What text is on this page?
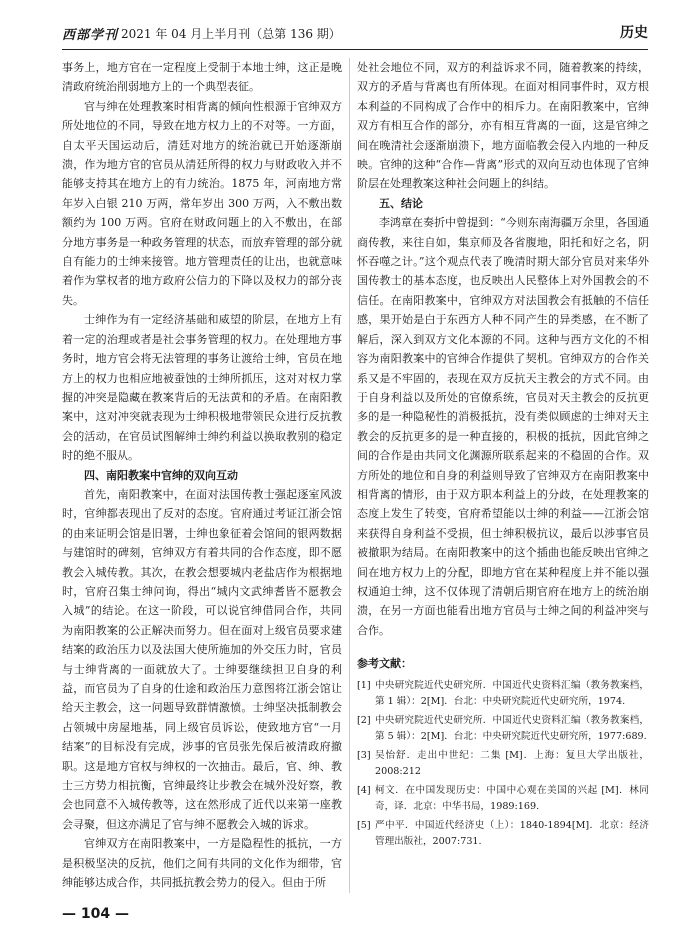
西部学刊 2021 年 04 月上半月刊（总第 136 期）	历史

事务上，地方官在一定程度上受制于本地士绅，这正是晚清政府统治削弱地方上的一个典型表征。

官与绅在处理教案时相背离的倾向性根源于官绅双方所处地位的不同，导致在地方权力上的不对等。一方面，自太平天国运动后，清廷对地方的统治就已开始逐渐崩溃，作为地方官的官员从清廷所得的权力与财政收入并不能够支持其在地方上的有力统治。1875 年，河南地方常年岁入白银 210 万两，常年岁出 300 万两，入不敷出数额约为 100 万两。官府在财政问题上的入不敷出，在部分地方事务是一种政务管理的状态，而放弃管理的部分就自有能力的士绅来接管。地方管理责任的让出，也就意味着作为掌权者的地方政府公信力的下降以及权力的部分丧失。

士绅作为有一定经济基础和威望的阶层，在地方上有着一定的治理或者是社会事务管理的权力。在处理地方事务时，地方官会将无法管理的事务让渡给士绅，官员在地方上的权力也相应地被蚕蚀的士绅所抓压，这对对权力掌握的冲突是隐藏在教案背后的无法黄和的矛盾。在南阳教案中，这对冲突就表现为士绅积极地带领民众进行反抗教会的活动，在官员试图解绅士绅约利益以换取教别的稳定时的绝不服从。

四、南阳教案中官绅的双向互动

首先，南阳教案中，在面对法国传教士强起逐室风波时，官绅都表现出了反对的态度。官府通过考证江浙会馆的由来证明会馆是旧署，士绅也象征着会馆间的银两数据与建馆时的碑刻，官绅双方有着共同的合作态度，即不愿教会入城传教。其次，在教会想要城内老盐店作为根据地时，官府召集士绅问询，得出“城内文武绅耆皆不愿教会入城”的结论。在这一阶段，可以说官绅借同合作，共同为南阳教案的公正解决而努力。但在面对上级官员要求建结案的政治压力以及法国大使所施加的外交压力时，官员与士绅背离的一面就放大了。士绅要继续担卫自身的利益，而官员为了自身的仕途和政治压力意图将江浙会馆让给天主教会，这一问题导致群情激愤。士绅坚决抵制教会占领城中房屋地基，同上级官员诉讼，使致地方官“一月结案”的目标没有完成，涉事的官员张先保后被清政府撤职。这是地方官权与绅权的一次抽击。最后，官、绅、教士三方势力相抗衡，官绅最终让步教会在城外没好察，教会也同意不入城传教等，这在然形成了近代以来第一座教会寻聚，但这亦满足了官与绅不愿教会入城的诉求。

官绅双方在南阳教案中，一方是隐程性的抵抗，一方是积极坚决的反抗，他们之间有共同的文化作为细带，官绅能够达成合作，共同抵抗教会势力的侵入。但由于所

处社会地位不同，双方的利益诉求不同，随着教案的持续，双方的矛盾与背离也有所体现。在面对相同事件时，双方根本利益的不同构成了合作中的相斥力。在南阳教案中，官绅双方有相互合作的部分，亦有相互背离的一面，这是官绅之间在晚清社会逐渐崩溃下，地方面临教会侵入内地的一种反映。官绅的这种“合作—背离”形式的双向互动也体现了官绅阶层在处理教案这种社会问题上的纠结。

五、结论

李鸿章在奏折中曾提到：“今则东南海疆万余里，各国通商传教，来往自如，集京师及各省腹地，阳托和好之名，阴怀吞噬之计。”这个观点代表了晚清时期大部分官员对来华外国传教士的基本态度，也反映出人民整体上对外国教会的不信任。在南阳教案中，官绅双方对法国教会有抵触的不信任感，果开始是白于东西方人种不同产生的异类感，在不断了解后，深入到双方文化本源的不同。这种与西方文化的不相容为南阳教案中的官绅合作提供了契机。官绅双方的合作关系又是不牢固的，表现在双方反抗天主教会的方式不同。由于自身利益以及所处的官僚系统，官员对天主教会的反抗更多的是一种隐秘性的消极抵抗，没有类似顾虑的士绅对天主教会的反抗更多的是一种直接的，积极的抵抗，因此官绅之间的合作是由共同文化渊源所联系起来的不稳固的合作。双方所处的地位和自身的利益则导致了官绅双方在南阳教案中相背离的情形，由于双方职本利益上的分歧，在处理教案的态度上发生了转变，官府希望能以士绅的利益——江浙会馆来获得自身利益不受损，但士绅积极抗议，最后以涉事官员被撤职为结局。在南阳教案中的这个插曲也能反映出官绅之间在地方权力上的分配，即地方官在某种程度上并不能以强权通迫士绅，这不仅体现了清朝后期官府在地方上的统治崩溃，在另一方面也能看出地方官员与士绅之间的利益冲突与合作。

参考文献：

[1] 中央研究院近代史研究所．中国近代史资料汇编（教务教案档，第 1 辑）：2[M]．台北：中央研究院近代史研究所，1974.
[2] 中央研究院近代史研究所．中国近代史资料汇编（教务教案档，第 5 辑）：2[M]．台北：中央研究院近代史研究所，1977:689.
[3] 吴怡舒．走出中世纪：二集 [M]．上海：复旦大学出版社，2008:212
[4] 柯文．在中国发现历史：中国中心观在美国的兴起 [M]．林同奇，译．北京：中华书局，1989:169.
[5] 严中平．中国近代经济史（上）：1840-1894[M]．北京：经济管理出版社，2007:731.
— 104 —
